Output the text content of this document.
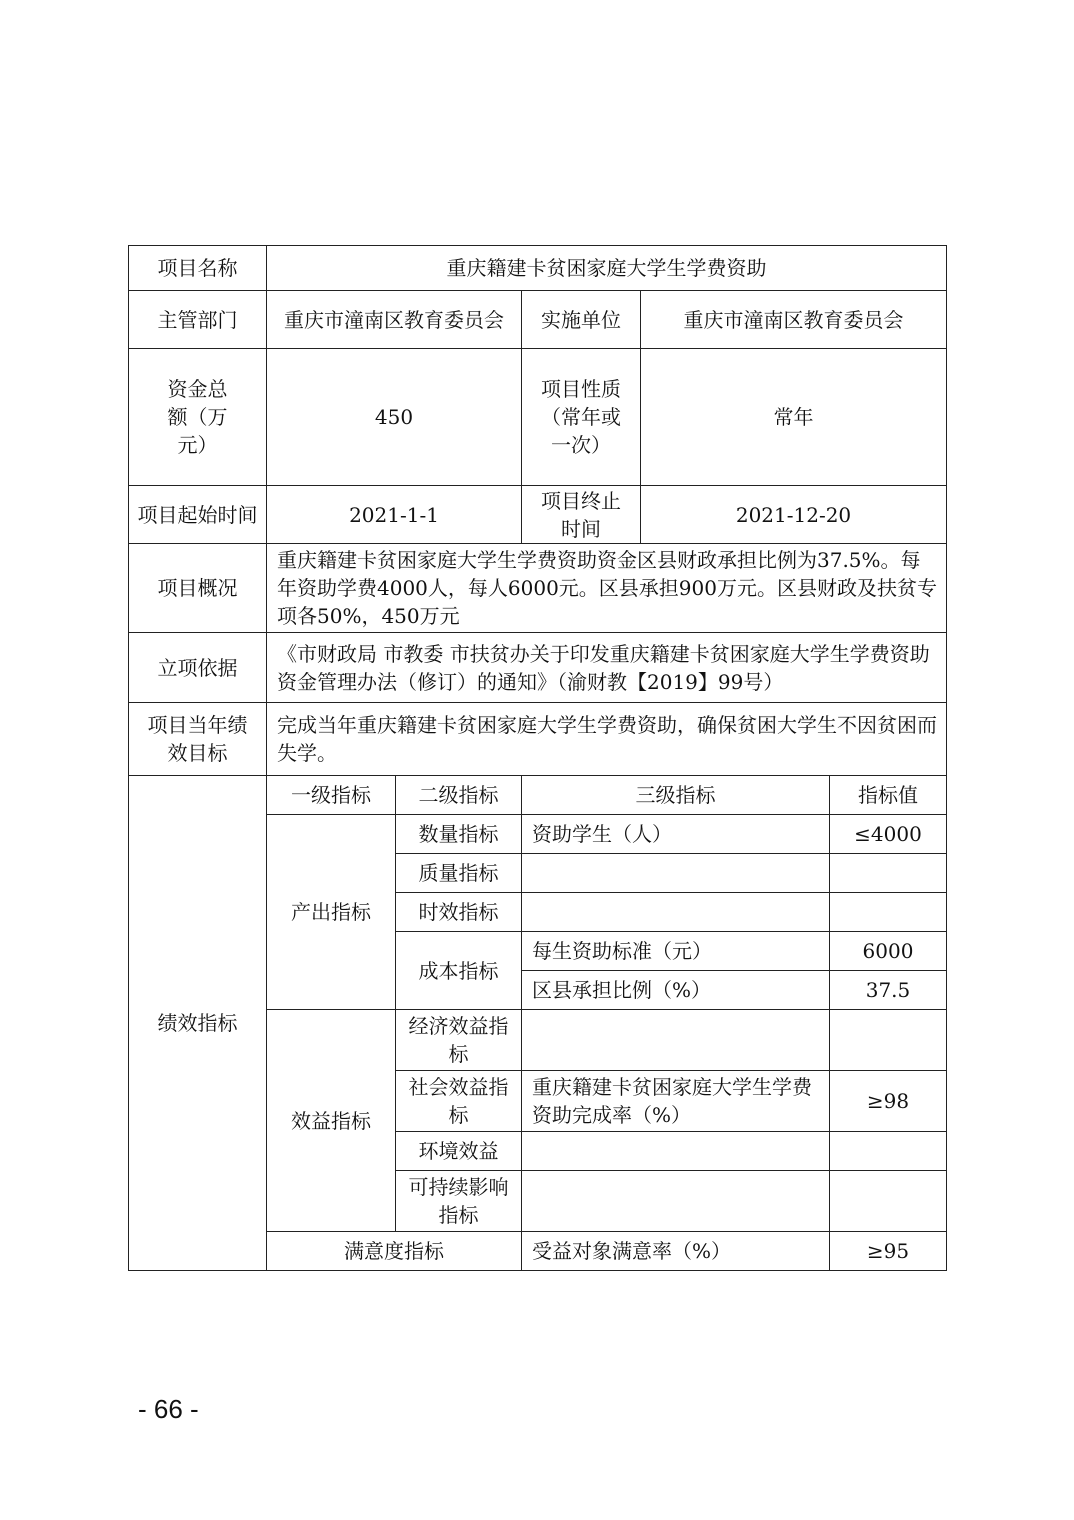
项目名称	重庆籍建卡贫困家庭大学生学费资助				
主管部门	重庆市潼南区教育委员会		实施单位	重庆市潼南区教育委员会	
资金总额（万元）	450		项目性质（常年或一次）	常年	
项目起始时间	2021-1-1		项目终止时间	2021-12-20	
项目概况	重庆籍建卡贫困家庭大学生学费资助资金区县财政承担比例为37.5%。每年资助学费4000人，每人6000元。区县承担900万元。区县财政及扶贫专项各50%，450万元				
立项依据	《市财政局 市教委 市扶贫办关于印发重庆籍建卡贫困家庭大学生学费资助资金管理办法（修订）的通知》（渝财教【2019】99号）				
项目当年绩效目标	完成当年重庆籍建卡贫困家庭大学生学费资助，确保贫困大学生不因贫困而失学。				
绩效指标	一级指标	二级指标	三级指标		指标值
	产出指标	数量指标	资助学生（人）		≤4000
		质量指标			
		时效指标			
		成本指标	每生资助标准（元）		6000
			区县承担比例（%）		37.5
	效益指标	经济效益指标			
		社会效益指标	重庆籍建卡贫困家庭大学生学费资助完成率（%）		≥98
		环境效益			
		可持续影响指标			
	满意度指标		受益对象满意率（%）		≥95
- 66 -
